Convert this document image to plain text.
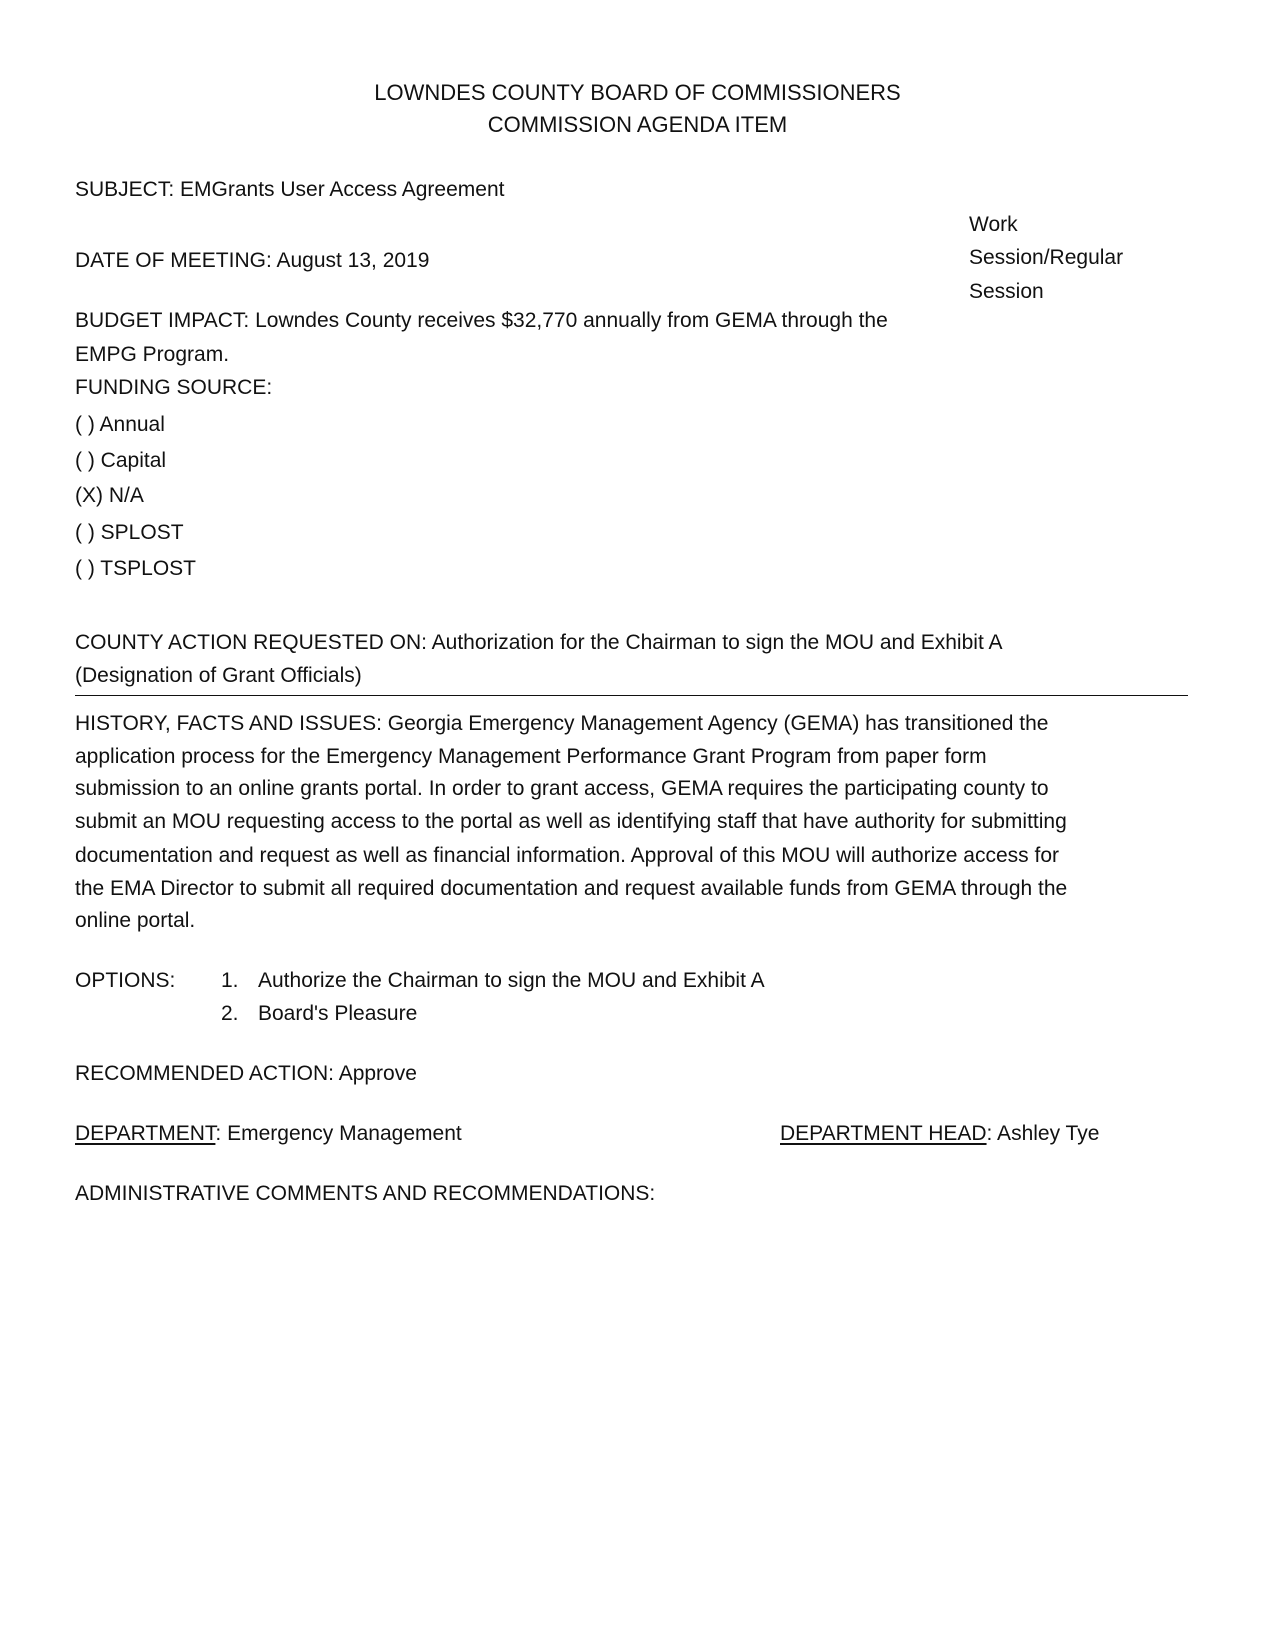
LOWNDES COUNTY BOARD OF COMMISSIONERS
COMMISSION AGENDA ITEM
SUBJECT: EMGrants User Access Agreement
DATE OF MEETING: August 13, 2019
Work
Session/Regular
Session
BUDGET IMPACT: Lowndes County receives $32,770 annually from GEMA through the
EMPG Program.
FUNDING SOURCE:
( ) Annual
( ) Capital
(X) N/A
( ) SPLOST
( ) TSPLOST
COUNTY ACTION REQUESTED ON: Authorization for the Chairman to sign the MOU and Exhibit A
(Designation of Grant Officials)
HISTORY, FACTS AND ISSUES: Georgia Emergency Management Agency (GEMA) has transitioned the
application process for the Emergency Management Performance Grant Program from paper form
submission to an online grants portal. In order to grant access, GEMA requires the participating county to
submit an MOU requesting access to the portal as well as identifying staff that have authority for submitting
documentation and request as well as financial information. Approval of this MOU will authorize access for
the EMA Director to submit all required documentation and request available funds from GEMA through the
online portal.
OPTIONS: 1. Authorize the Chairman to sign the MOU and Exhibit A
2. Board's Pleasure
RECOMMENDED ACTION: Approve
DEPARTMENT: Emergency Management	DEPARTMENT HEAD: Ashley Tye
ADMINISTRATIVE COMMENTS AND RECOMMENDATIONS:
